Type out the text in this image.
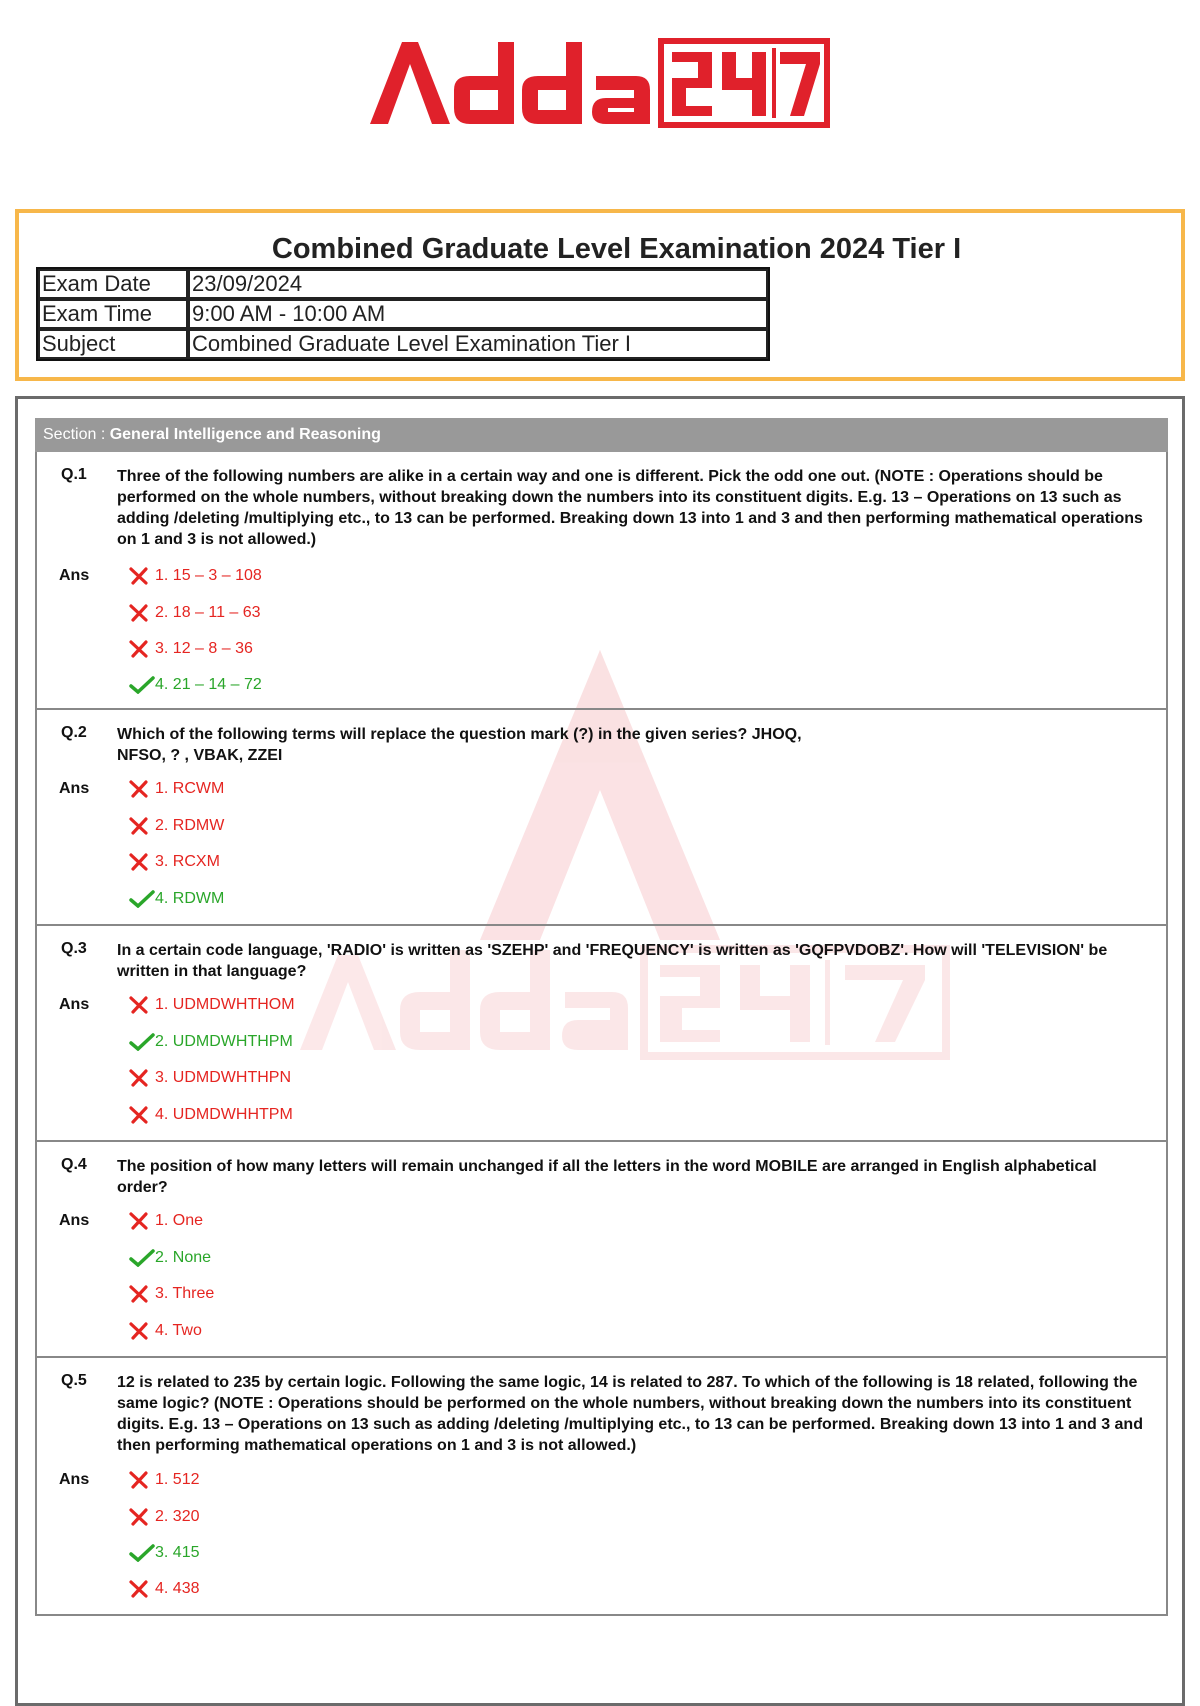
Combined Graduate Level Examination 2024 Tier I
Exam Date	23/09/2024
Exam Time	9:00 AM - 10:00 AM
Subject	Combined Graduate Level Examination Tier I
Section : General Intelligence and Reasoning
Q.1 Three of the following numbers are alike in a certain way and one is different. Pick the odd one out. (NOTE : Operations should be performed on the whole numbers, without breaking down the numbers into its constituent digits. E.g. 13 – Operations on 13 such as adding /deleting /multiplying etc., to 13 can be performed. Breaking down 13 into 1 and 3 and then performing mathematical operations on 1 and 3 is not allowed.)
Ans	1. 15 – 3 – 108
2. 18 – 11 – 63
3. 12 – 8 – 36
4. 21 – 14 – 72
Q.2 Which of the following terms will replace the question mark (?) in the given series? JHOQ, NFSO, ? , VBAK, ZZEI
Ans	1. RCWM
2. RDMW
3. RCXM
4. RDWM
Q.3 In a certain code language, 'RADIO' is written as 'SZEHP' and 'FREQUENCY' is written as 'GQFPVDOBZ'. How will 'TELEVISION' be written in that language?
Ans	1. UDMDWHTHOM
2. UDMDWHTHPM
3. UDMDWHTHPN
4. UDMDWHHTPM
Q.4 The position of how many letters will remain unchanged if all the letters in the word MOBILE are arranged in English alphabetical order?
Ans	1. One
2. None
3. Three
4. Two
Q.5 12 is related to 235 by certain logic. Following the same logic, 14 is related to 287. To which of the following is 18 related, following the same logic? (NOTE : Operations should be performed on the whole numbers, without breaking down the numbers into its constituent digits. E.g. 13 – Operations on 13 such as adding /deleting /multiplying etc., to 13 can be performed. Breaking down 13 into 1 and 3 and then performing mathematical operations on 1 and 3 is not allowed.)
Ans	1. 512
2. 320
3. 415
4. 438
